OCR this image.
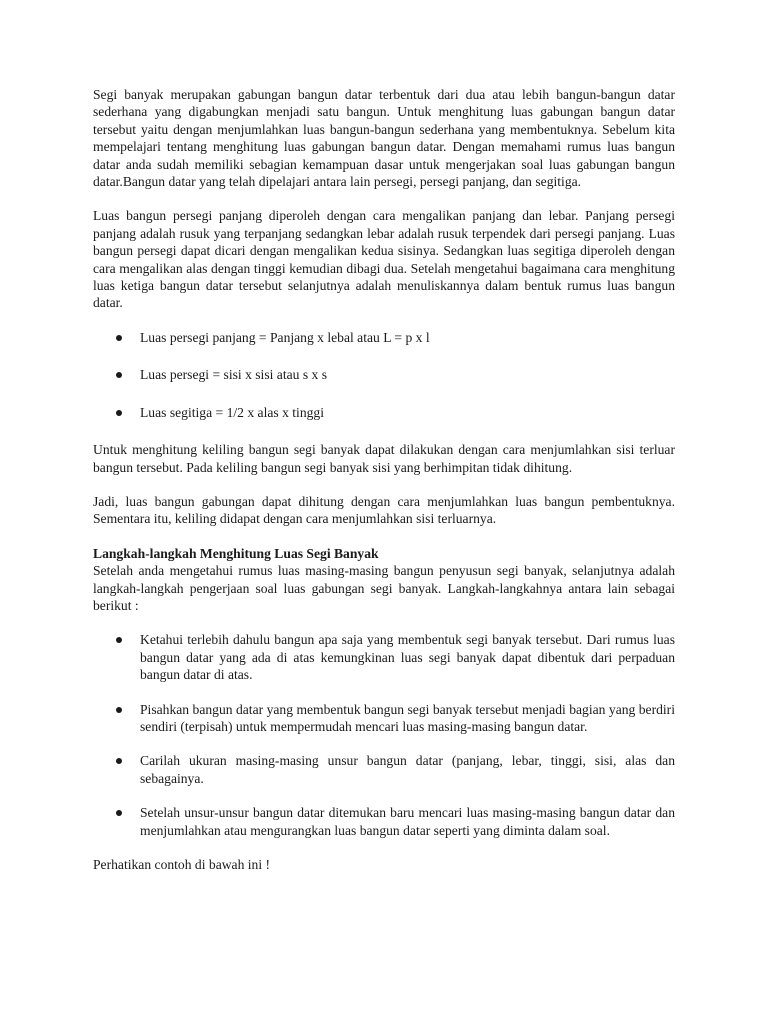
Segi banyak merupakan gabungan bangun datar terbentuk dari dua atau lebih bangun-bangun datar sederhana yang digabungkan menjadi satu bangun. Untuk menghitung luas gabungan bangun datar tersebut yaitu dengan menjumlahkan luas bangun-bangun sederhana yang membentuknya. Sebelum kita mempelajari tentang menghitung luas gabungan bangun datar. Dengan memahami rumus luas bangun datar anda sudah memiliki sebagian kemampuan dasar untuk mengerjakan soal luas gabungan bangun datar.Bangun datar yang telah dipelajari antara lain persegi, persegi panjang, dan segitiga.

Luas bangun persegi panjang diperoleh dengan cara mengalikan panjang dan lebar. Panjang persegi panjang adalah rusuk yang terpanjang sedangkan lebar adalah rusuk terpendek dari persegi panjang. Luas bangun persegi dapat dicari dengan mengalikan kedua sisinya. Sedangkan luas segitiga diperoleh dengan cara mengalikan alas dengan tinggi kemudian dibagi dua. Setelah mengetahui bagaimana cara menghitung luas ketiga bangun datar tersebut selanjutnya adalah menuliskannya dalam bentuk rumus luas bangun datar.

Luas persegi panjang = Panjang x lebal atau L = p x l
Luas persegi = sisi x sisi atau s x s
Luas segitiga = 1/2 x alas x tinggi

Untuk menghitung keliling bangun segi banyak dapat dilakukan dengan cara menjumlahkan sisi terluar bangun tersebut. Pada keliling bangun segi banyak sisi yang berhimpitan tidak dihitung.

Jadi, luas bangun gabungan dapat dihitung dengan cara menjumlahkan luas bangun pembentuknya. Sementara itu, keliling didapat dengan cara menjumlahkan sisi terluarnya.

Langkah-langkah Menghitung Luas Segi Banyak

Setelah anda mengetahui rumus luas masing-masing bangun penyusun segi banyak, selanjutnya adalah langkah-langkah pengerjaan soal luas gabungan segi banyak. Langkah-langkahnya antara lain sebagai berikut :

Ketahui terlebih dahulu bangun apa saja yang membentuk segi banyak tersebut. Dari rumus luas bangun datar yang ada di atas kemungkinan luas segi banyak dapat dibentuk dari perpaduan bangun datar di atas.
Pisahkan bangun datar yang membentuk bangun segi banyak tersebut menjadi bagian yang berdiri sendiri (terpisah) untuk mempermudah mencari luas masing-masing bangun datar.
Carilah ukuran masing-masing unsur bangun datar (panjang, lebar, tinggi, sisi, alas dan sebagainya.
Setelah unsur-unsur bangun datar ditemukan baru mencari luas masing-masing bangun datar dan menjumlahkan atau mengurangkan luas bangun datar seperti yang diminta dalam soal.

Perhatikan contoh di bawah ini !
